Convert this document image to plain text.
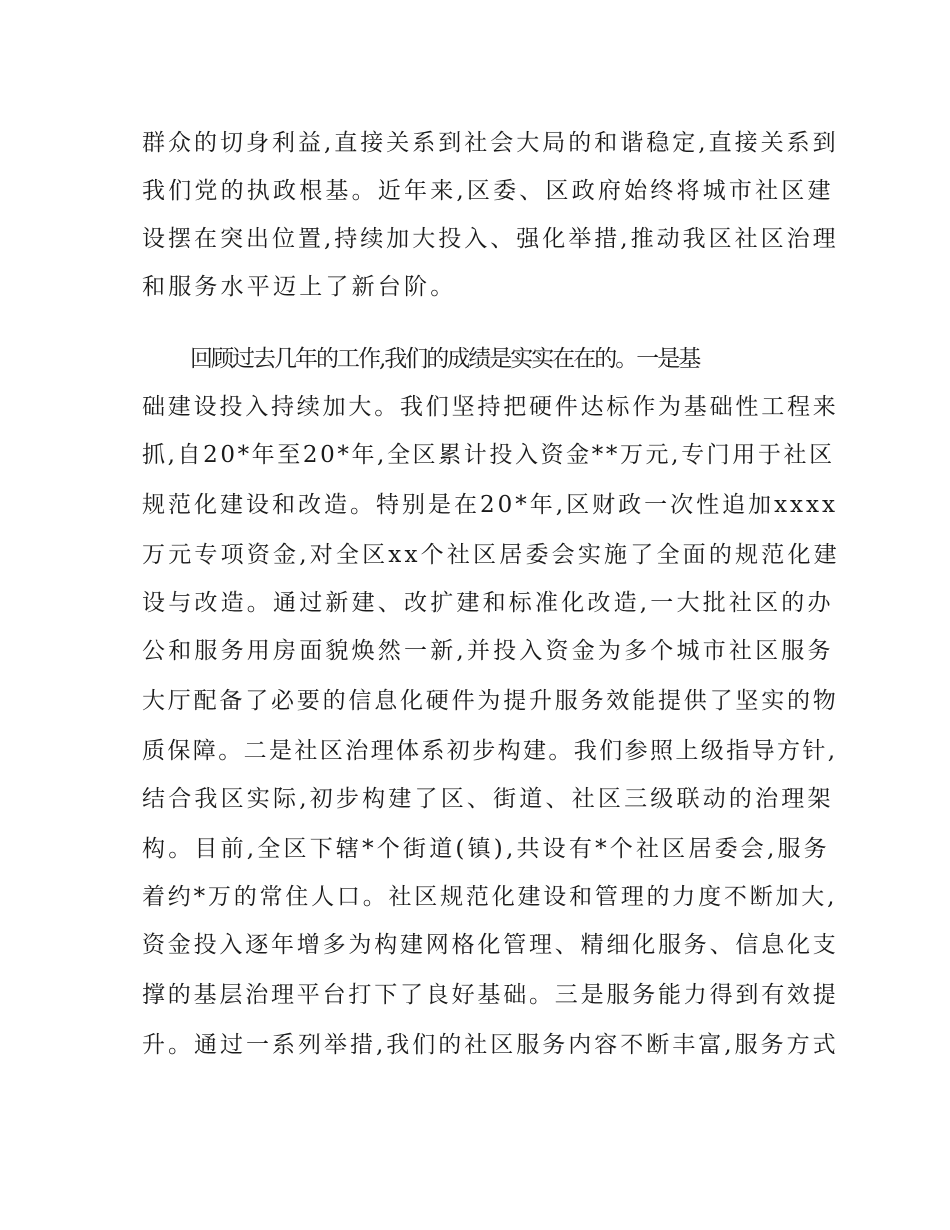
群众的切身利益,直接关系到社会大局的和谐稳定,直接关系到
我们党的执政根基。近年来,区委、区政府始终将城市社区建
设摆在突出位置,持续加大投入、强化举措,推动我区社区治理
和服务水平迈上了新台阶。
回顾过去几年的工作,我们的成绩是实实在在的。一是基
础建设投入持续加大。我们坚持把硬件达标作为基础性工程来
抓,自20*年至20*年,全区累计投入资金**万元,专门用于社区
规范化建设和改造。特别是在20*年,区财政一次性追加xxxx
万元专项资金,对全区xx个社区居委会实施了全面的规范化建
设与改造。通过新建、改扩建和标准化改造,一大批社区的办
公和服务用房面貌焕然一新,并投入资金为多个城市社区服务
大厅配备了必要的信息化硬件为提升服务效能提供了坚实的物
质保障。二是社区治理体系初步构建。我们参照上级指导方针,
结合我区实际,初步构建了区、街道、社区三级联动的治理架
构。目前,全区下辖*个街道(镇),共设有*个社区居委会,服务
着约*万的常住人口。社区规范化建设和管理的力度不断加大,
资金投入逐年增多为构建网格化管理、精细化服务、信息化支
撑的基层治理平台打下了良好基础。三是服务能力得到有效提
升。通过一系列举措,我们的社区服务内容不断丰富,服务方式
